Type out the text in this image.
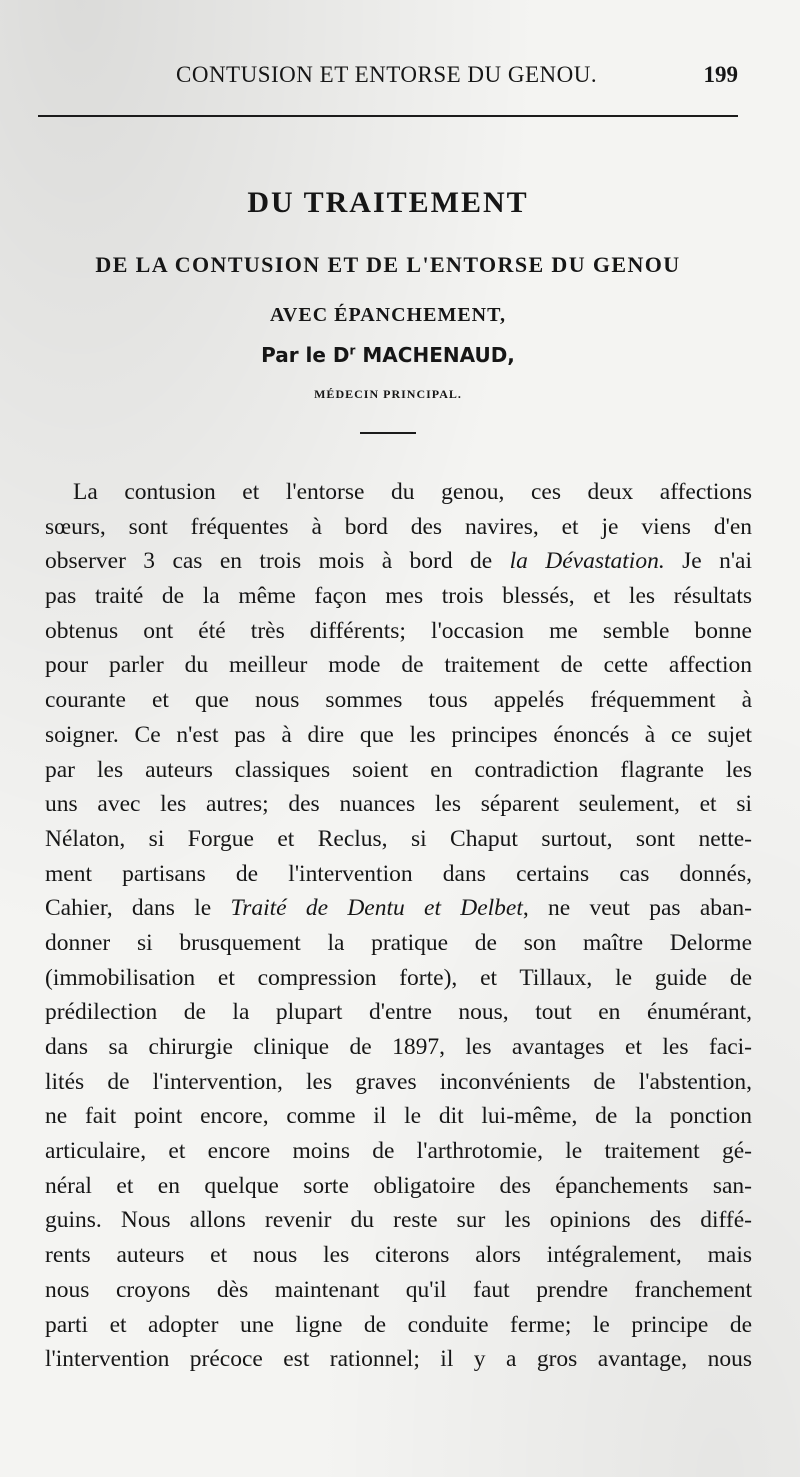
CONTUSION ET ENTORSE DU GENOU.	199
DU TRAITEMENT
DE LA CONTUSION ET DE L'ENTORSE DU GENOU
AVEC ÉPANCHEMENT,
Par le $D^r$ MACHENAUD,
MÉDECIN PRINCIPAL.
La contusion et l'entorse du genou, ces deux affections
sœurs, sont fréquentes à bord des navires, et je viens d'en
observer 3 cas en trois mois à bord de la Dévastation. Je n'ai
pas traité de la même façon mes trois blessés, et les résultats
obtenus ont été très différents; l'occasion me semble bonne
pour parler du meilleur mode de traitement de cette affection
courante et que nous sommes tous appelés fréquemment à
soigner. Ce n'est pas à dire que les principes énoncés à ce sujet
par les auteurs classiques soient en contradiction flagrante les
uns avec les autres; des nuances les séparent seulement, et si
Nélaton, si Forgue et Reclus, si Chaput surtout, sont nette-
ment partisans de l'intervention dans certains cas donnés,
Cahier, dans le Traité de Dentu et Delbet, ne veut pas aban-
donner si brusquement la pratique de son maître Delorme
(immobilisation et compression forte), et Tillaux, le guide de
prédilection de la plupart d'entre nous, tout en énumérant,
dans sa chirurgie clinique de 1897, les avantages et les faci-
lités de l'intervention, les graves inconvénients de l'abstention,
ne fait point encore, comme il le dit lui-même, de la ponction
articulaire, et encore moins de l'arthrotomie, le traitement gé-
néral et en quelque sorte obligatoire des épanchements san-
guins. Nous allons revenir du reste sur les opinions des diffé-
rents auteurs et nous les citerons alors intégralement, mais
nous croyons dès maintenant qu'il faut prendre franchement
parti et adopter une ligne de conduite ferme; le principe de
l'intervention précoce est rationnel; il y a gros avantage, nous
